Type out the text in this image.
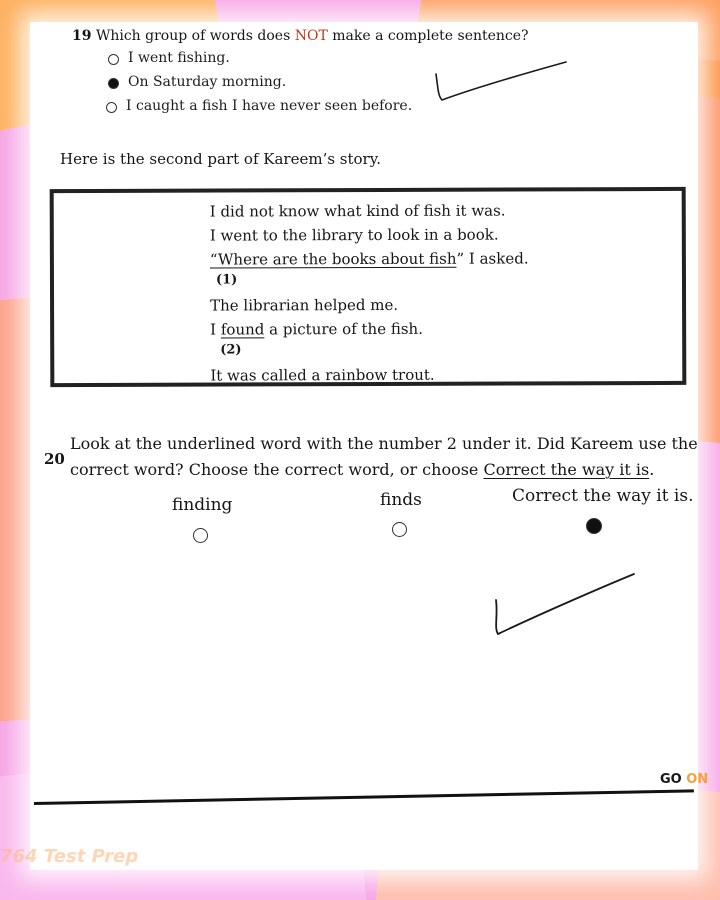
19 Which group of words does NOT make a complete sentence?
I went fishing.
On Saturday morning.
I caught a fish I have never seen before.
Here is the second part of Kareem’s story.
I did not know what kind of fish it was.
I went to the library to look in a book.
“Where are the books about fish” I asked.
(1)
The librarian helped me.
I found a picture of the fish.
(2)
It was called a rainbow trout.
20
Look at the underlined word with the number 2 under it. Did Kareem use the
correct word? Choose the correct word, or choose Correct the way it is.
finding	finds	Correct the way it is.
GO ON
764 Test Prep
